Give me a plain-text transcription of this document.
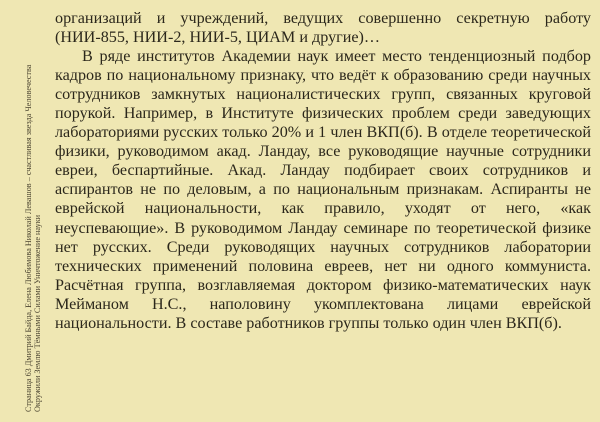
Страница 63 Дмитрий Байда, Елена Любимова Николай Левашов – счастливая звезда Человечества Окружили Землю Тёмными Силами Уничтожение науки

организаций и учреждений, ведущих совершенно секретную работу (НИИ-855, НИИ-2, НИИ-5, ЦИАМ и другие)…

В ряде институтов Академии наук имеет место тенденциозный подбор кадров по национальному признаку, что ведёт к образованию среди научных сотрудников замкнутых националистических групп, связанных круговой порукой. Например, в Институте физических проблем среди заведующих лабораториями русских только 20% и 1 член ВКП(б). В отделе теоретической физики, руководимом акад. Ландау, все руководящие научные сотрудники евреи, беспартийные. Акад. Ландау подбирает своих сотрудников и аспирантов не по деловым, а по национальным признакам. Аспиранты не еврейской национальности, как правило, уходят от него, «как неуспевающие». В руководимом Ландау семинаре по теоретической физике нет русских. Среди руководящих научных сотрудников лаборатории технических применений половина евреев, нет ни одного коммуниста. Расчётная группа, возглавляемая доктором физико-математических наук Мейманом Н.С., наполовину укомплектована лицами еврейской национальности. В составе работников группы только один член ВКП(б).
